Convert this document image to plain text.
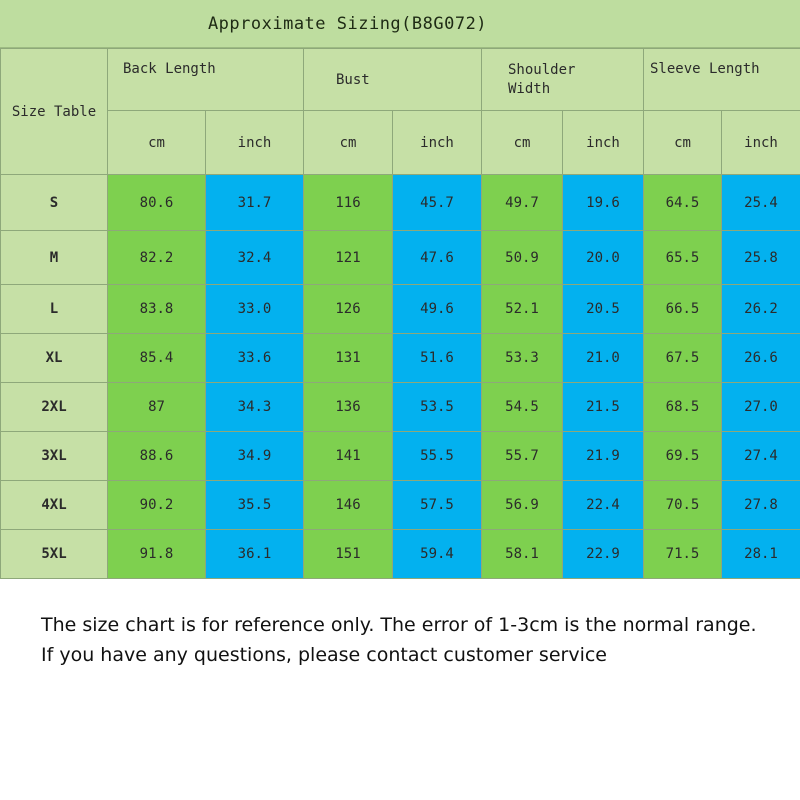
Approximate Sizing(B8G072)
Size Table	Back Length		Bust		Shoulder Width		Sleeve Length	
	cm	inch	cm	inch	cm	inch	cm	inch
S	80.6	31.7	116	45.7	49.7	19.6	64.5	25.4
M	82.2	32.4	121	47.6	50.9	20.0	65.5	25.8
L	83.8	33.0	126	49.6	52.1	20.5	66.5	26.2
XL	85.4	33.6	131	51.6	53.3	21.0	67.5	26.6
2XL	87	34.3	136	53.5	54.5	21.5	68.5	27.0
3XL	88.6	34.9	141	55.5	55.7	21.9	69.5	27.4
4XL	90.2	35.5	146	57.5	56.9	22.4	70.5	27.8
5XL	91.8	36.1	151	59.4	58.1	22.9	71.5	28.1
The size chart is for reference only. The error of 1-3cm is the normal range.
If you have any questions, please contact customer service
